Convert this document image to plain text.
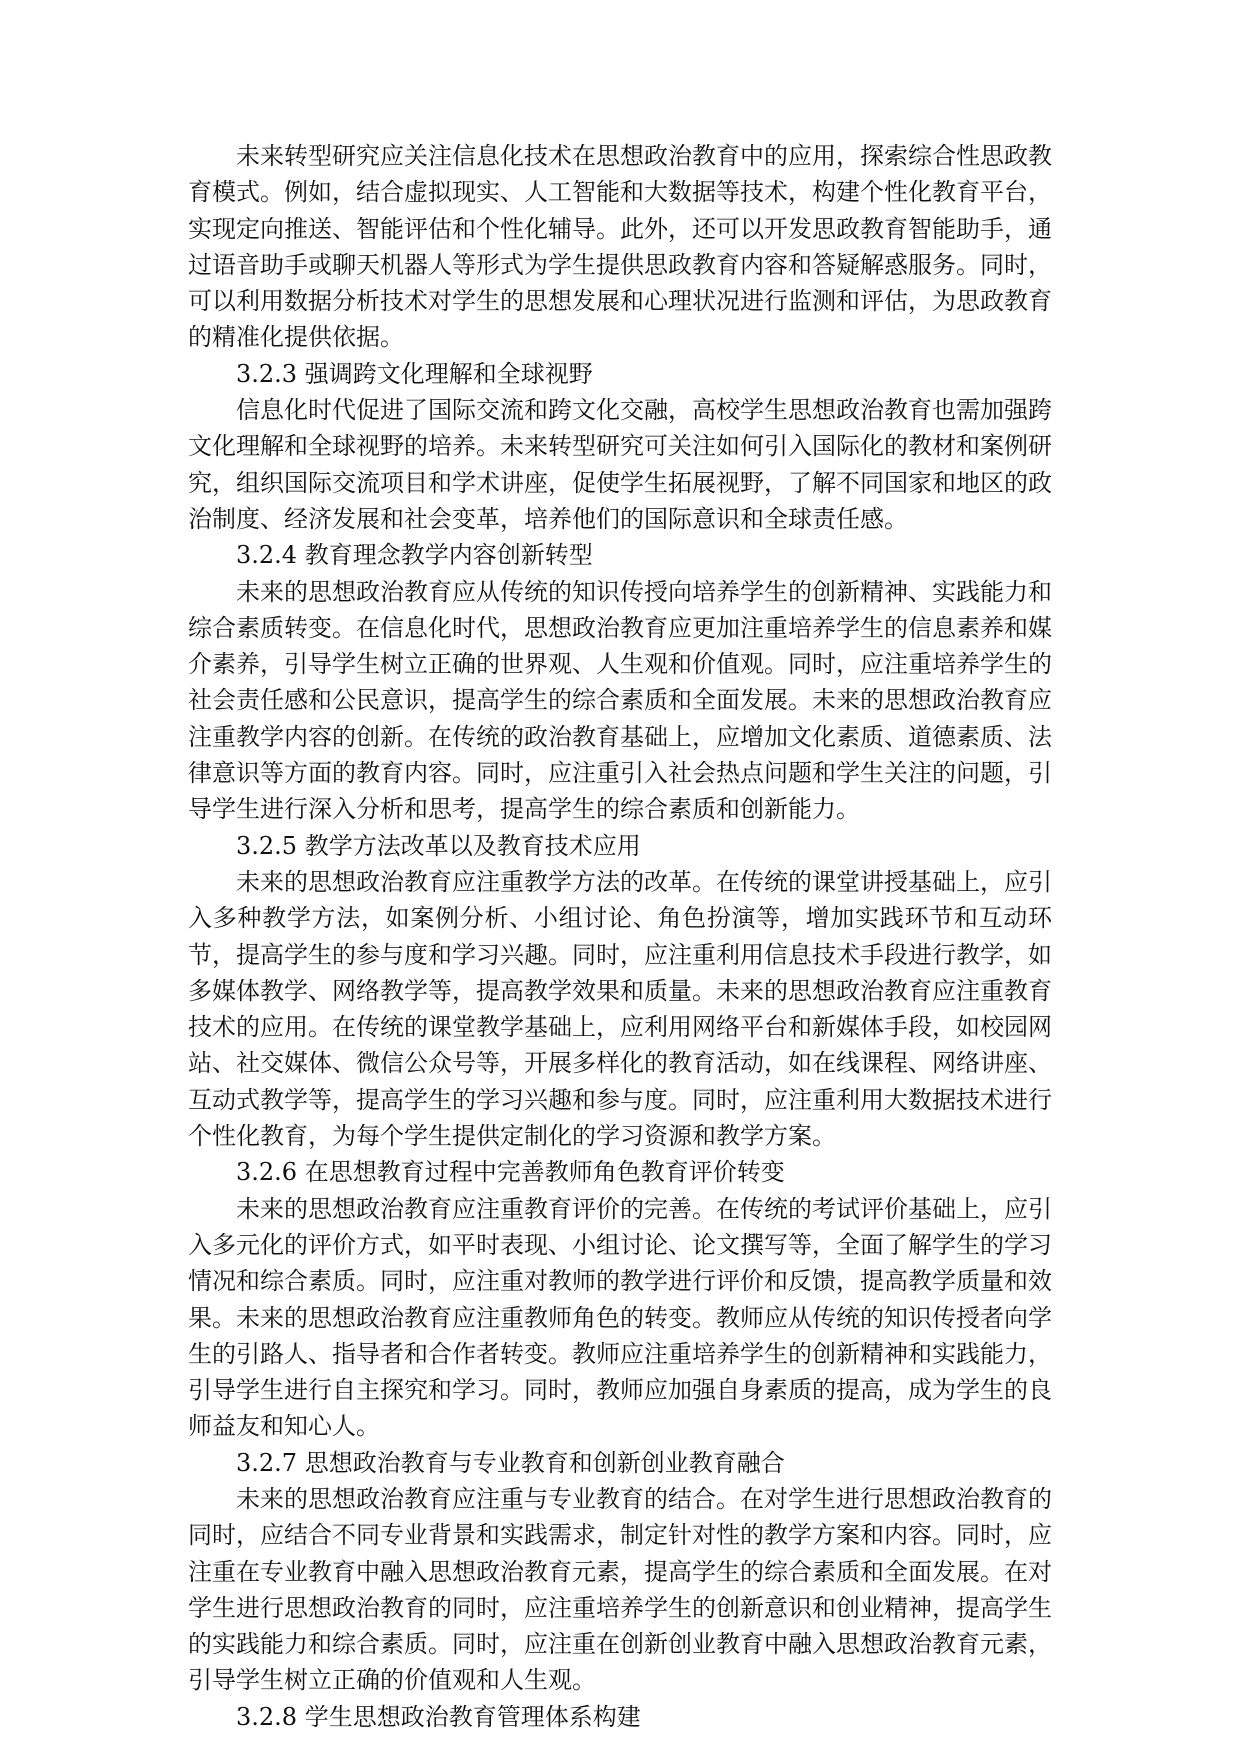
未来转型研究应关注信息化技术在思想政治教育中的应用，探索综合性思政教育模式。例如，结合虚拟现实、人工智能和大数据等技术，构建个性化教育平台，实现定向推送、智能评估和个性化辅导。此外，还可以开发思政教育智能助手，通过语音助手或聊天机器人等形式为学生提供思政教育内容和答疑解惑服务。同时，可以利用数据分析技术对学生的思想发展和心理状况进行监测和评估，为思政教育的精准化提供依据。

3.2.3 强调跨文化理解和全球视野

信息化时代促进了国际交流和跨文化交融，高校学生思想政治教育也需加强跨文化理解和全球视野的培养。未来转型研究可关注如何引入国际化的教材和案例研究，组织国际交流项目和学术讲座，促使学生拓展视野，了解不同国家和地区的政治制度、经济发展和社会变革，培养他们的国际意识和全球责任感。

3.2.4 教育理念教学内容创新转型

未来的思想政治教育应从传统的知识传授向培养学生的创新精神、实践能力和综合素质转变。在信息化时代，思想政治教育应更加注重培养学生的信息素养和媒介素养，引导学生树立正确的世界观、人生观和价值观。同时，应注重培养学生的社会责任感和公民意识，提高学生的综合素质和全面发展。未来的思想政治教育应注重教学内容的创新。在传统的政治教育基础上，应增加文化素质、道德素质、法律意识等方面的教育内容。同时，应注重引入社会热点问题和学生关注的问题，引导学生进行深入分析和思考，提高学生的综合素质和创新能力。

3.2.5 教学方法改革以及教育技术应用

未来的思想政治教育应注重教学方法的改革。在传统的课堂讲授基础上，应引入多种教学方法，如案例分析、小组讨论、角色扮演等，增加实践环节和互动环节，提高学生的参与度和学习兴趣。同时，应注重利用信息技术手段进行教学，如多媒体教学、网络教学等，提高教学效果和质量。未来的思想政治教育应注重教育技术的应用。在传统的课堂教学基础上，应利用网络平台和新媒体手段，如校园网站、社交媒体、微信公众号等，开展多样化的教育活动，如在线课程、网络讲座、互动式教学等，提高学生的学习兴趣和参与度。同时，应注重利用大数据技术进行个性化教育，为每个学生提供定制化的学习资源和教学方案。

3.2.6 在思想教育过程中完善教师角色教育评价转变

未来的思想政治教育应注重教育评价的完善。在传统的考试评价基础上，应引入多元化的评价方式，如平时表现、小组讨论、论文撰写等，全面了解学生的学习情况和综合素质。同时，应注重对教师的教学进行评价和反馈，提高教学质量和效果。未来的思想政治教育应注重教师角色的转变。教师应从传统的知识传授者向学生的引路人、指导者和合作者转变。教师应注重培养学生的创新精神和实践能力，引导学生进行自主探究和学习。同时，教师应加强自身素质的提高，成为学生的良师益友和知心人。

3.2.7 思想政治教育与专业教育和创新创业教育融合

未来的思想政治教育应注重与专业教育的结合。在对学生进行思想政治教育的同时，应结合不同专业背景和实践需求，制定针对性的教学方案和内容。同时，应注重在专业教育中融入思想政治教育元素，提高学生的综合素质和全面发展。在对学生进行思想政治教育的同时，应注重培养学生的创新意识和创业精神，提高学生的实践能力和综合素质。同时，应注重在创新创业教育中融入思想政治教育元素，引导学生树立正确的价值观和人生观。

3.2.8 学生思想政治教育管理体系构建
